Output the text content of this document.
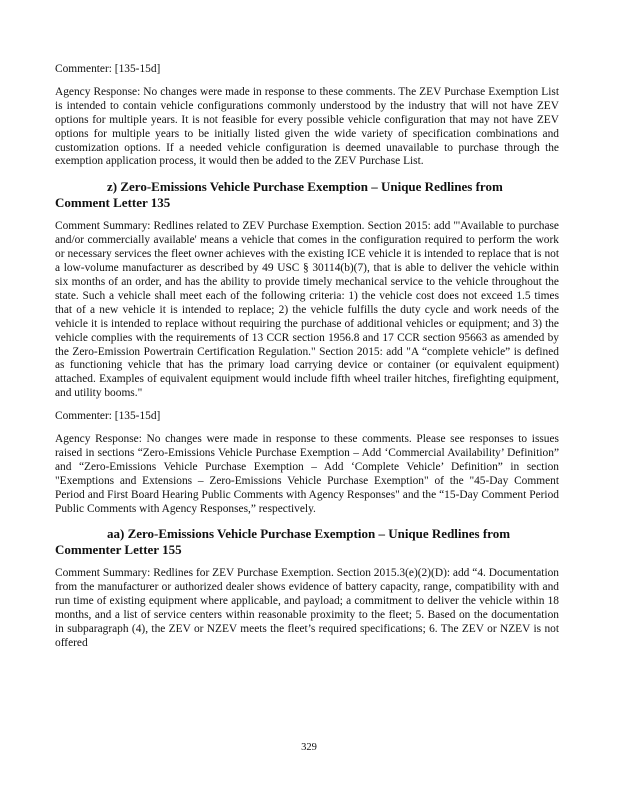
Commenter: [135-15d]

Agency Response: No changes were made in response to these comments. The ZEV Purchase Exemption List is intended to contain vehicle configurations commonly understood by the industry that will not have ZEV options for multiple years. It is not feasible for every possible vehicle configuration that may not have ZEV options for multiple years to be initially listed given the wide variety of specification combinations and customization options. If a needed vehicle configuration is deemed unavailable to purchase through the exemption application process, it would then be added to the ZEV Purchase List.

z) Zero-Emissions Vehicle Purchase Exemption – Unique Redlines from Comment Letter 135

Comment Summary: Redlines related to ZEV Purchase Exemption. Section 2015: add "'Available to purchase and/or commercially available' means a vehicle that comes in the configuration required to perform the work or necessary services the fleet owner achieves with the existing ICE vehicle it is intended to replace that is not a low-volume manufacturer as described by 49 USC § 30114(b)(7), that is able to deliver the vehicle within six months of an order, and has the ability to provide timely mechanical service to the vehicle throughout the state. Such a vehicle shall meet each of the following criteria: 1) the vehicle cost does not exceed 1.5 times that of a new vehicle it is intended to replace; 2) the vehicle fulfills the duty cycle and work needs of the vehicle it is intended to replace without requiring the purchase of additional vehicles or equipment; and 3) the vehicle complies with the requirements of 13 CCR section 1956.8 and 17 CCR section 95663 as amended by the Zero-Emission Powertrain Certification Regulation." Section 2015: add "A “complete vehicle” is defined as functioning vehicle that has the primary load carrying device or container (or equivalent equipment) attached. Examples of equivalent equipment would include fifth wheel trailer hitches, firefighting equipment, and utility booms."

Commenter: [135-15d]

Agency Response: No changes were made in response to these comments. Please see responses to issues raised in sections “Zero-Emissions Vehicle Purchase Exemption – Add ‘Commercial Availability’ Definition” and “Zero-Emissions Vehicle Purchase Exemption – Add ‘Complete Vehicle’ Definition” in section "Exemptions and Extensions – Zero-Emissions Vehicle Purchase Exemption" of the "45-Day Comment Period and First Board Hearing Public Comments with Agency Responses" and the “15-Day Comment Period Public Comments with Agency Responses,” respectively.

aa) Zero-Emissions Vehicle Purchase Exemption – Unique Redlines from Commenter Letter 155

Comment Summary: Redlines for ZEV Purchase Exemption. Section 2015.3(e)(2)(D): add “4. Documentation from the manufacturer or authorized dealer shows evidence of battery capacity, range, compatibility with and run time of existing equipment where applicable, and payload; a commitment to deliver the vehicle within 18 months, and a list of service centers within reasonable proximity to the fleet; 5. Based on the documentation in subparagraph (4), the ZEV or NZEV meets the fleet’s required specifications; 6. The ZEV or NZEV is not offered

329
